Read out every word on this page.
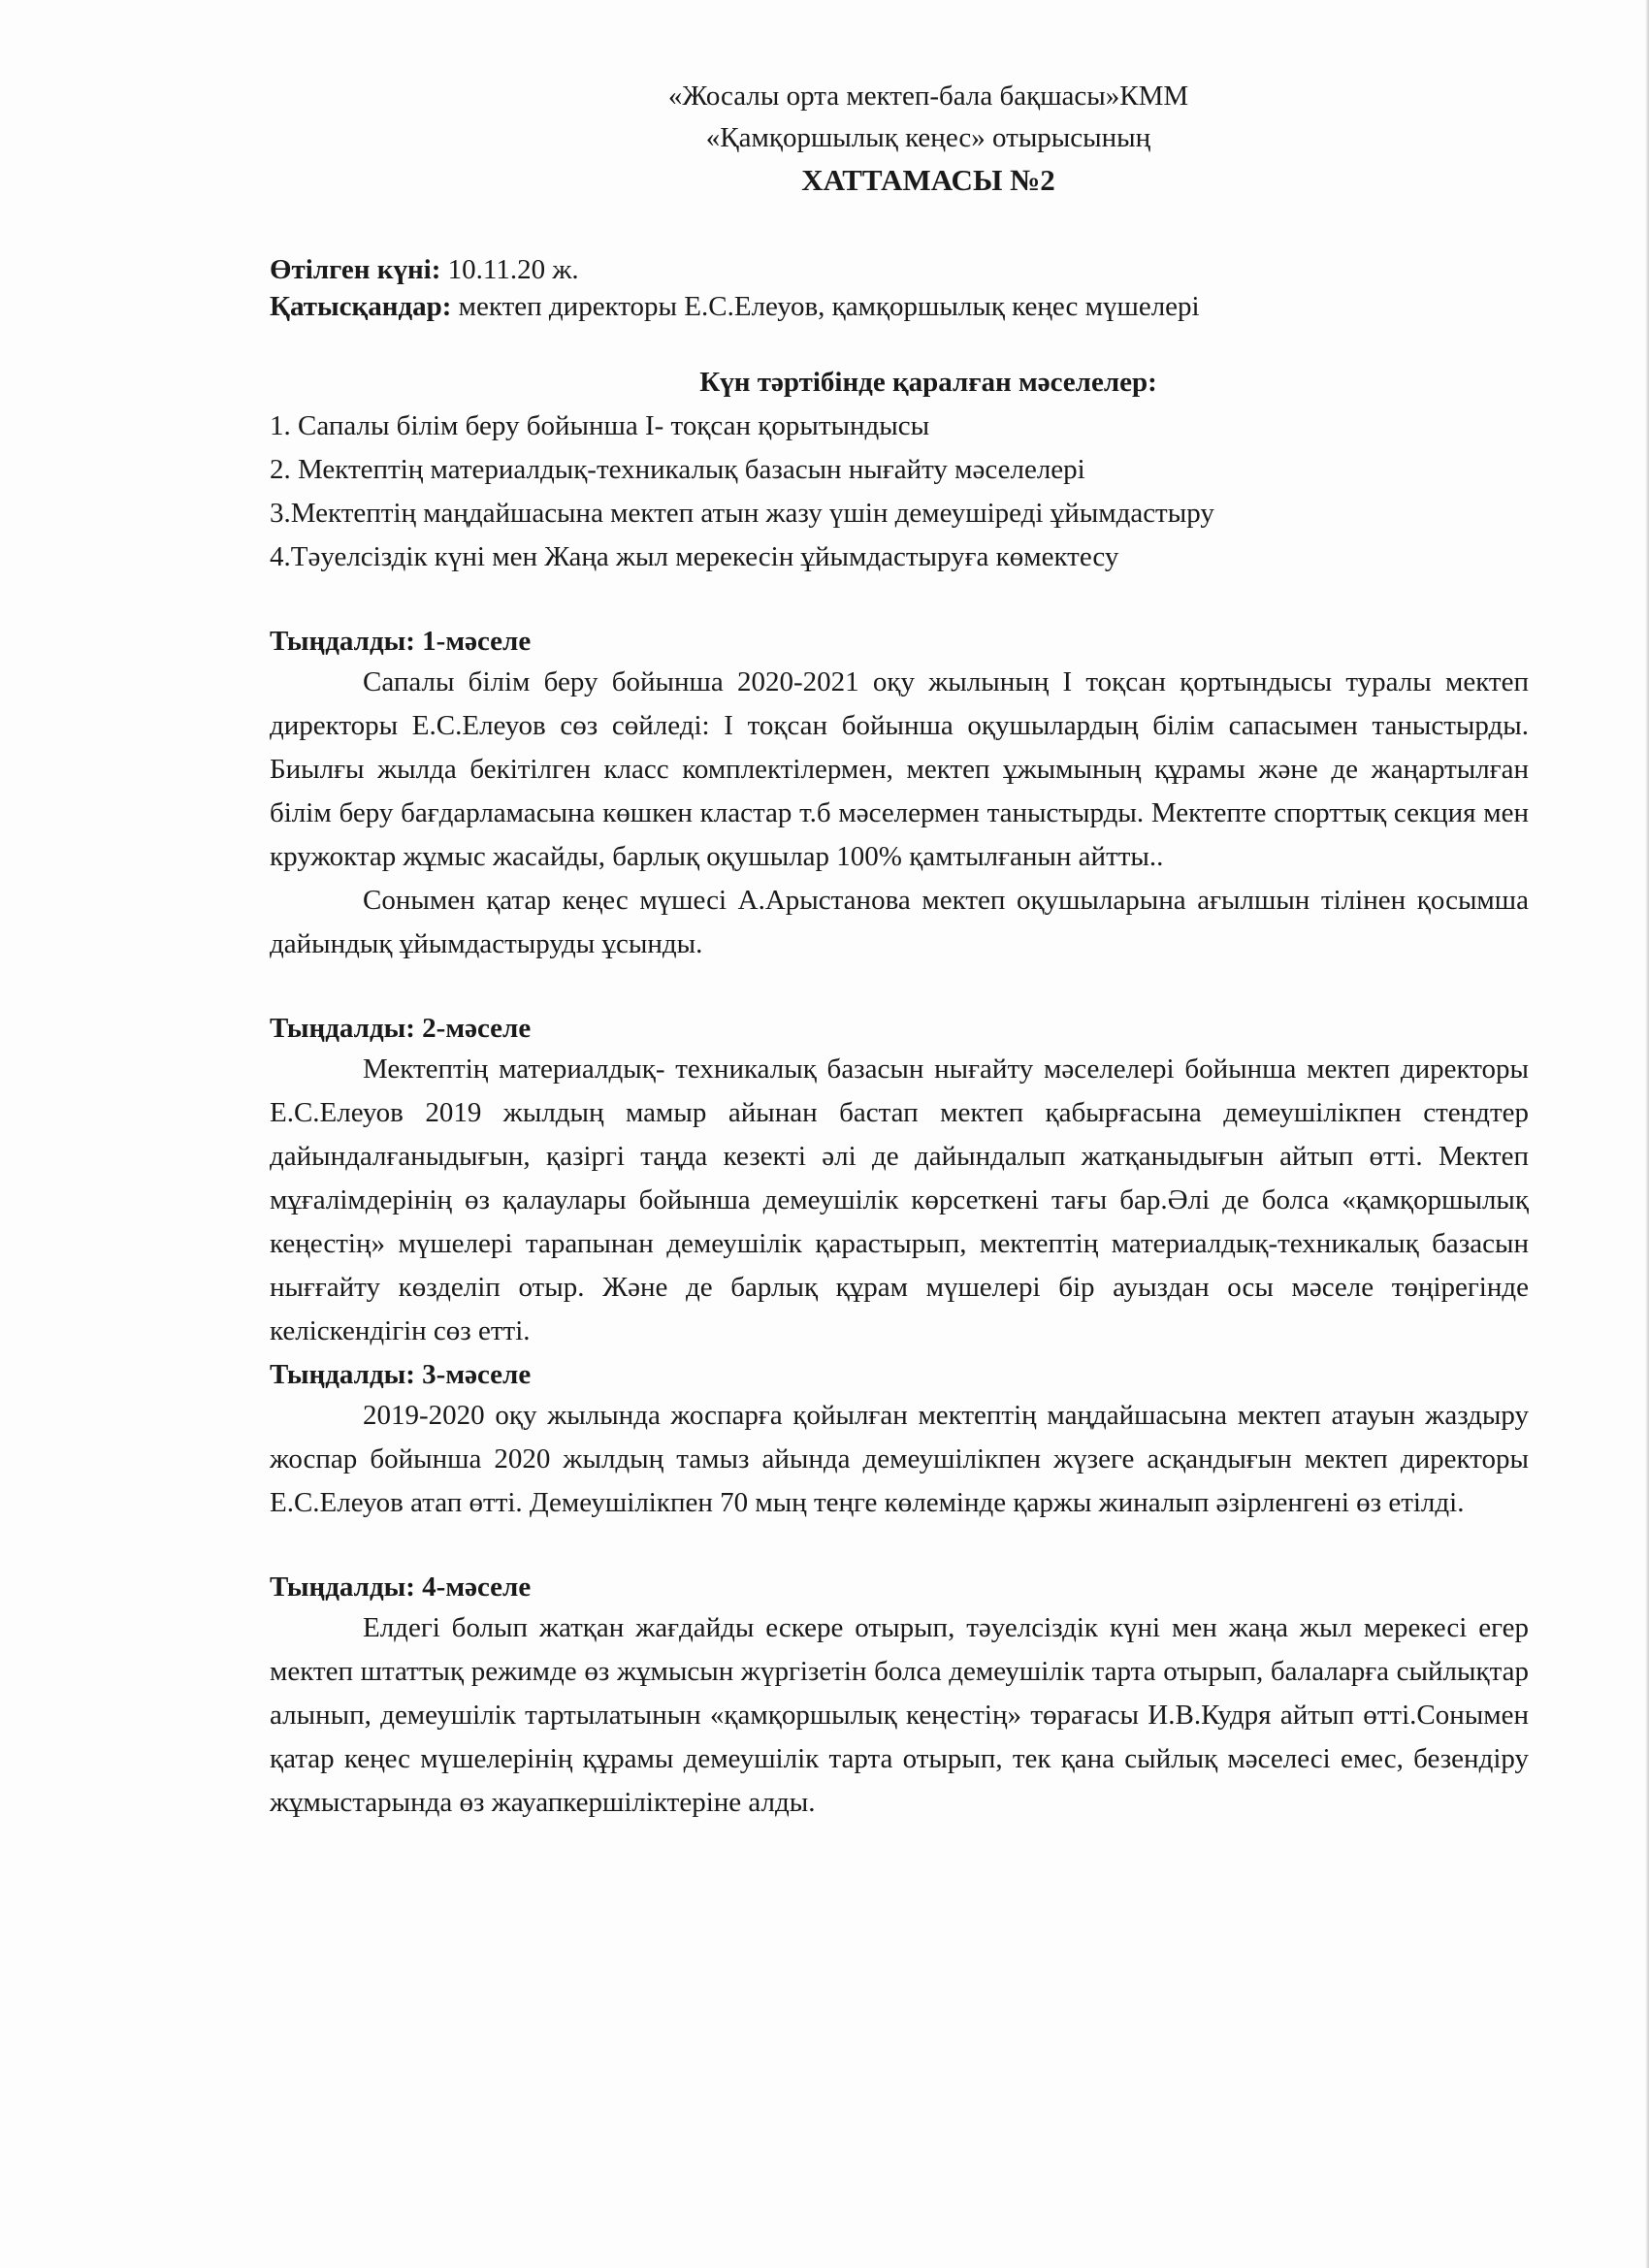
«Жосалы орта мектеп-бала бақшасы»КММ
«Қамқоршылық кеңес» отырысының
ХАТТАМАСЫ №2

Өтілген күні: 10.11.20 ж.

Қатысқандар: мектеп директоры Е.С.Елеуов, қамқоршылық кеңес мүшелері

Күн тәртібінде қаралған мәселелер:
1. Сапалы білім беру бойынша І- тоқсан қорытындысы
2. Мектептің материалдық-техникалық базасын нығайту мәселелері
3.Мектептің маңдайшасына мектеп атын жазу үшін демеушіреді ұйымдастыру
4.Тәуелсіздік күні мен Жаңа жыл мерекесін ұйымдастыруға көмектесу
Тыңдалды: 1-мәселе

Сапалы білім беру бойынша 2020-2021 оқу жылының І тоқсан қортындысы туралы мектеп директоры Е.С.Елеуов сөз сөйледі: І тоқсан бойынша оқушылардың білім сапасымен таныстырды. Биылғы жылда бекітілген класс комплектілермен, мектеп ұжымының құрамы және де жаңартылған білім беру бағдарламасына көшкен кластар т.б мәселермен таныстырды. Мектепте спорттық секция мен кружоктар жұмыс жасайды, барлық оқушылар 100% қамтылғанын айтты..

Сонымен қатар кеңес мүшесі А.Арыстанова мектеп оқушыларына ағылшын тілінен қосымша дайындық ұйымдастыруды ұсынды.

Тыңдалды: 2-мәселе

Мектептің материалдық- техникалық базасын нығайту мәселелері бойынша мектеп директоры Е.С.Елеуов 2019 жылдың мамыр айынан бастап мектеп қабырғасына демеушілікпен стендтер дайындалғаныдығын, қазіргі таңда кезекті әлі де дайындалып жатқаныдығын айтып өтті. Мектеп мұғалімдерінің өз қалаулары бойынша демеушілік көрсеткені тағы бар.Әлі де болса «қамқоршылық кеңестің» мүшелері тарапынан демеушілік қарастырып, мектептің материалдық-техникалық базасын нығғайту көзделіп отыр. Және де барлық құрам мүшелері бір ауыздан осы мәселе төңірегінде келіскендігін сөз етті.

Тыңдалды: 3-мәселе

2019-2020 оқу жылында жоспарға қойылған мектептің маңдайшасына мектеп атауын жаздыру жоспар бойынша 2020 жылдың тамыз айында демеушілікпен жүзеге асқандығын мектеп директоры Е.С.Елеуов атап өтті. Демеушілікпен 70 мың теңге көлемінде қаржы жиналып әзірленгені өз етілді.

Тыңдалды: 4-мәселе

Елдегі болып жатқан жағдайды ескере отырып, тәуелсіздік күні мен жаңа жыл мерекесі егер мектеп штаттық режимде өз жұмысын жүргізетін болса демеушілік тарта отырып, балаларға сыйлықтар алынып, демеушілік тартылатынын «қамқоршылық кеңестің» төрағасы И.В.Кудря айтып өтті.Сонымен қатар кеңес мүшелерінің құрамы демеушілік тарта отырып, тек қана сыйлық мәселесі емес, безендіру жұмыстарында өз жауапкершіліктеріне алды.
